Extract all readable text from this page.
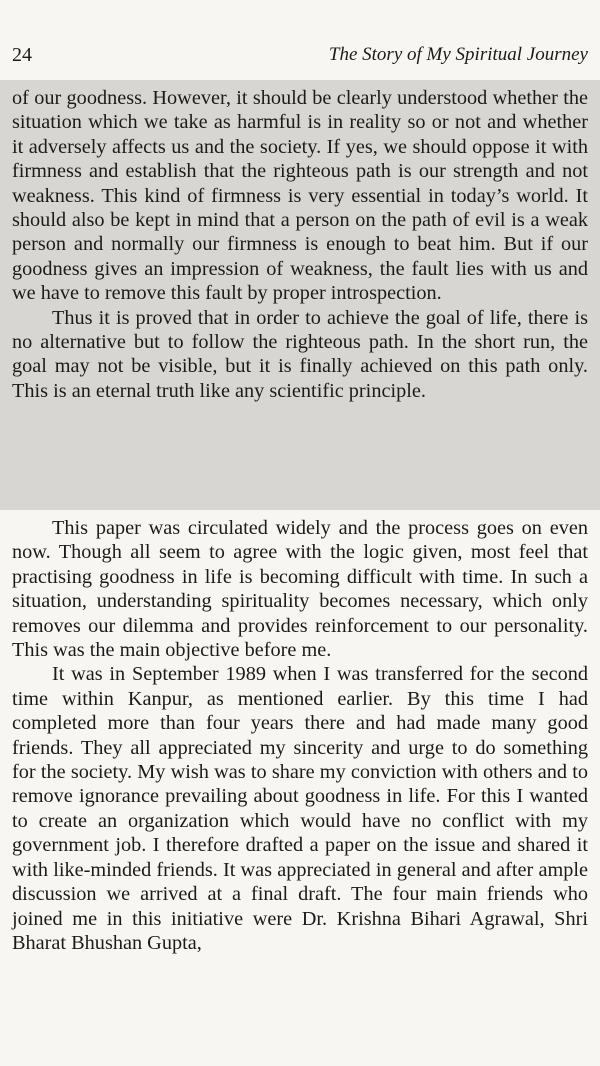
24	The Story of My Spiritual Journey

of our goodness. However, it should be clearly understood whether the situation which we take as harmful is in reality so or not and whether it adversely affects us and the society. If yes, we should oppose it with firmness and establish that the righteous path is our strength and not weakness. This kind of firmness is very essential in today’s world. It should also be kept in mind that a person on the path of evil is a weak person and normally our firmness is enough to beat him. But if our goodness gives an impression of weakness, the fault lies with us and we have to remove this fault by proper introspection.

Thus it is proved that in order to achieve the goal of life, there is no alternative but to follow the righteous path. In the short run, the goal may not be visible, but it is finally achieved on this path only. This is an eternal truth like any scientific principle.

This paper was circulated widely and the process goes on even now. Though all seem to agree with the logic given, most feel that practising goodness in life is becoming difficult with time. In such a situation, understanding spirituality becomes necessary, which only removes our dilemma and provides reinforcement to our personality. This was the main objective before me.

It was in September 1989 when I was transferred for the second time within Kanpur, as mentioned earlier. By this time I had completed more than four years there and had made many good friends. They all appreciated my sincerity and urge to do something for the society. My wish was to share my conviction with others and to remove ignorance prevailing about goodness in life. For this I wanted to create an organization which would have no conflict with my government job. I therefore drafted a paper on the issue and shared it with like-minded friends. It was appreciated in general and after ample discussion we arrived at a final draft. The four main friends who joined me in this initiative were Dr. Krishna Bihari Agrawal, Shri Bharat Bhushan Gupta,
